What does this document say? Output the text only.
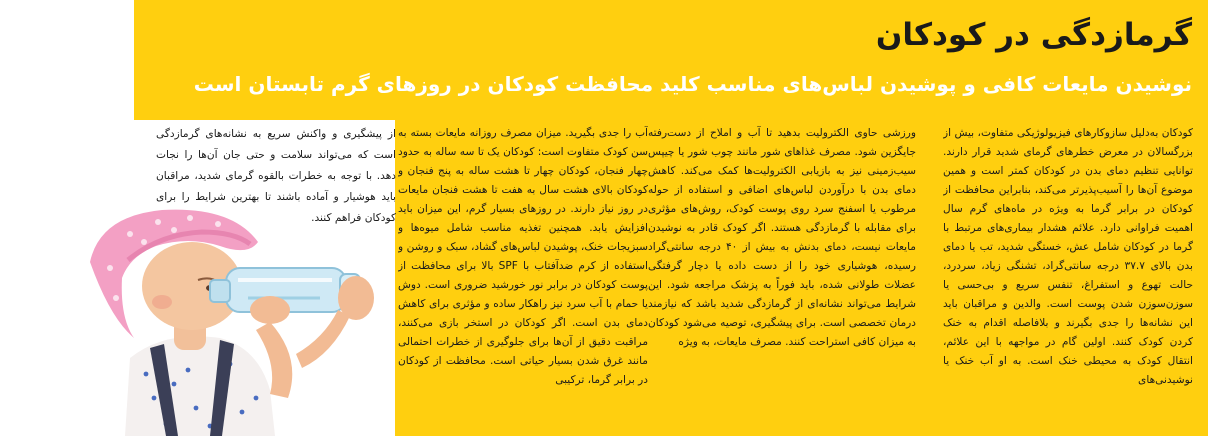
گرمازدگی در کودکان

نوشیدن مایعات کافی و پوشیدن لباس‌های مناسب کلید محافظت کودکان در روزهای گرم تابستان است

کودکان به‌دلیل سازوکارهای فیزیولوژیکی متفاوت، بیش از بزرگسالان در معرض خطرهای گرمای شدید قرار دارند. توانایی تنظیم دمای بدن در کودکان کمتر است و همین موضوع آن‌ها را آسیب‌پذیرتر می‌کند، بنابراین محافظت از کودکان در برابر گرما به ویژه در ماه‌های گرم سال اهمیت فراوانی دارد. علائم هشدار بیماری‌های مرتبط با گرما در کودکان شامل عش، خستگی شدید، تب یا دمای بدن بالای ۳۷.۷ درجه سانتی‌گراد، تشنگی زیاد، سردرد، حالت تهوع و استفراغ، تنفس سریع و بی‌حسی یا سوزن‌سوزن شدن پوست است. والدین و مراقبان باید این نشانه‌ها را جدی بگیرند و بلافاصله اقدام به خنک کردن کودک کنند. اولین گام در مواجهه با این علائم، انتقال کودک به محیطی خنک است. به او آب خنک یا نوشیدنی‌های

ورزشی حاوی الکترولیت بدهید تا آب و املاح از دست‌رفته جایگزین شود. مصرف غذاهای شور مانند چوب شور یا چیپس سیب‌زمینی نیز به بازیابی الکترولیت‌ها کمک می‌کند. کاهش دمای بدن با درآوردن لباس‌های اضافی و استفاده از حوله مرطوب یا اسفنج سرد روی پوست کودک، روش‌های مؤثری برای مقابله با گرمازدگی هستند. اگر کودک قادر به نوشیدن مایعات نیست، دمای بدنش به بیش از ۴۰ درجه سانتی‌گراد رسیده، هوشیاری خود را از دست داده یا دچار گرفتگی عضلات طولانی شده، باید فوراً به پزشک مراجعه شود. این شرایط می‌تواند نشانه‌ای از گرمازدگی شدید باشد که نیازمند درمان تخصصی است. برای پیشگیری، توصیه می‌شود کودکان به میزان کافی استراحت کنند. مصرف مایعات، به ویژه

آب را جدی بگیرید. میزان مصرف روزانه مایعات بسته به سن کودک متفاوت است: کودکان یک تا سه ساله به حدود چهار فنجان، کودکان چهار تا هشت ساله به پنج فنجان و کودکان بالای هشت سال به هفت تا هشت فنجان مایعات در روز نیاز دارند. در روزهای بسیار گرم، این میزان باید افزایش یابد. همچنین تغذیه مناسب شامل میوه‌ها و سبزیجات خنک، پوشیدن لباس‌های گشاد، سبک و روشن و استفاده از کرم ضدآفتاب با SPF بالا برای محافظت از پوست کودکان در برابر نور خورشید ضروری است. دوش یا حمام با آب سرد نیز راهکار ساده و مؤثری برای کاهش دمای بدن است. اگر کودکان در استخر بازی می‌کنند، مراقبت دقیق از آن‌ها برای جلوگیری از خطرات احتمالی مانند غرق شدن بسیار حیاتی است. محافظت از کودکان در برابر گرما، ترکیبی

از پیشگیری و واکنش سریع به نشانه‌های گرمازدگی است که می‌تواند سلامت و حتی جان آن‌ها را نجات دهد. با توجه به خطرات بالقوه گرمای شدید، مراقبان باید هوشیار و آماده باشند تا بهترین شرایط را برای کودکان فراهم کنند.
